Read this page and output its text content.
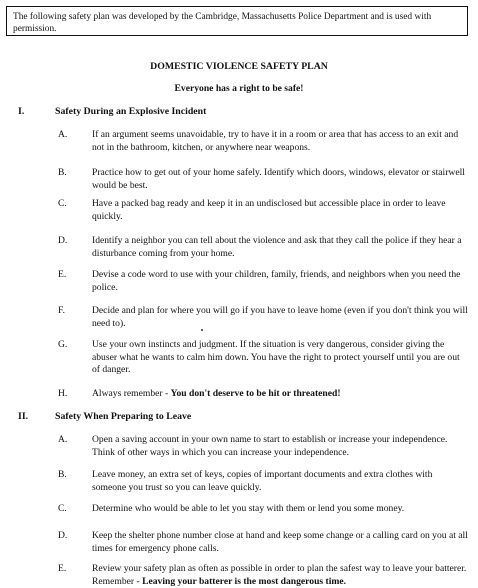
The following safety plan was developed by the Cambridge, Massachusetts Police Department and is used with permission.
DOMESTIC VIOLENCE SAFETY PLAN
Everyone has a right to be safe!
I.	Safety During an Explosive Incident
A.	If an argument seems unavoidable, try to have it in a room or area that has access to an exit and not in the bathroom, kitchen, or anywhere near weapons.
B.	Practice how to get out of your home safely. Identify which doors, windows, elevator or stairwell would be best.
C.	Have a packed bag ready and keep it in an undisclosed but accessible place in order to leave quickly.
D.	Identify a neighbor you can tell about the violence and ask that they call the police if they hear a disturbance coming from your home.
E.	Devise a code word to use with your children, family, friends, and neighbors when you need the police.
F.	Decide and plan for where you will go if you have to leave home (even if you don't think you will need to).
G.	Use your own instincts and judgment. If the situation is very dangerous, consider giving the abuser what he wants to calm him down. You have the right to protect yourself until you are out of danger.
H.	Always remember - You don't deserve to be hit or threatened!
II.	Safety When Preparing to Leave
A.	Open a saving account in your own name to start to establish or increase your independence. Think of other ways in which you can increase your independence.
B.	Leave money, an extra set of keys, copies of important documents and extra clothes with someone you trust so you can leave quickly.
C.	Determine who would be able to let you stay with them or lend you some money.
D.	Keep the shelter phone number close at hand and keep some change or a calling card on you at all times for emergency phone calls.
E.	Review your safety plan as often as possible in order to plan the safest way to leave your batterer. Remember - Leaving your batterer is the most dangerous time.
